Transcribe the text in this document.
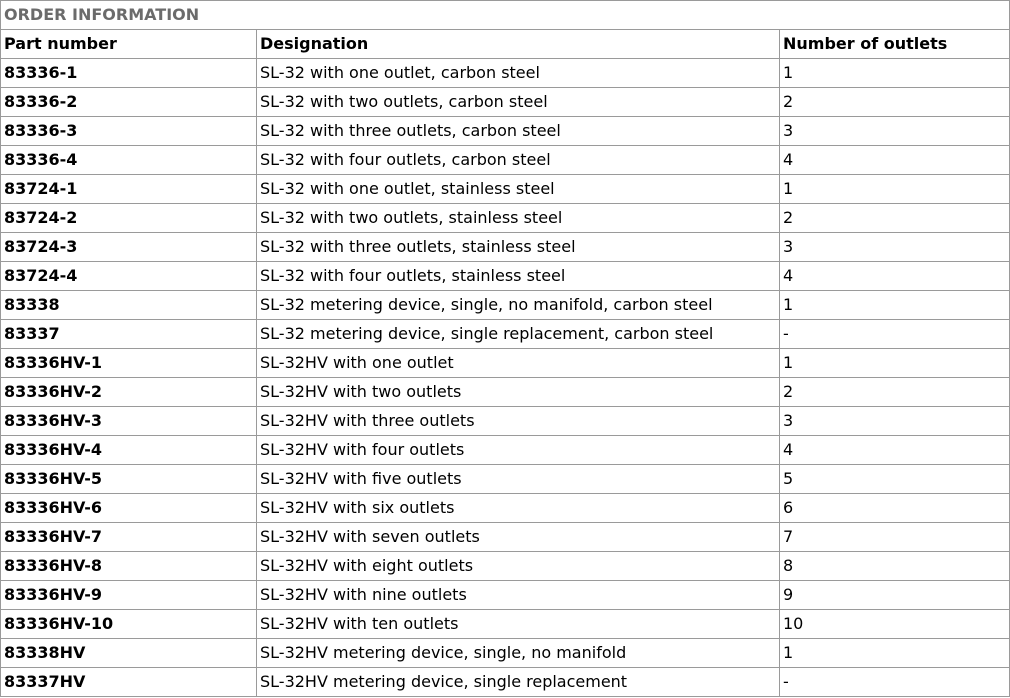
ORDER INFORMATION		
Part number	Designation	Number of outlets
83336-1	SL-32 with one outlet, carbon steel	1
83336-2	SL-32 with two outlets, carbon steel	2
83336-3	SL-32 with three outlets, carbon steel	3
83336-4	SL-32 with four outlets, carbon steel	4
83724-1	SL-32 with one outlet, stainless steel	1
83724-2	SL-32 with two outlets, stainless steel	2
83724-3	SL-32 with three outlets, stainless steel	3
83724-4	SL-32 with four outlets, stainless steel	4
83338	SL-32 metering device, single, no manifold, carbon steel	1
83337	SL-32 metering device, single replacement, carbon steel	-
83336HV-1	SL-32HV with one outlet	1
83336HV-2	SL-32HV with two outlets	2
83336HV-3	SL-32HV with three outlets	3
83336HV-4	SL-32HV with four outlets	4
83336HV-5	SL-32HV with five outlets	5
83336HV-6	SL-32HV with six outlets	6
83336HV-7	SL-32HV with seven outlets	7
83336HV-8	SL-32HV with eight outlets	8
83336HV-9	SL-32HV with nine outlets	9
83336HV-10	SL-32HV with ten outlets	10
83338HV	SL-32HV metering device, single, no manifold	1
83337HV	SL-32HV metering device, single replacement	-
